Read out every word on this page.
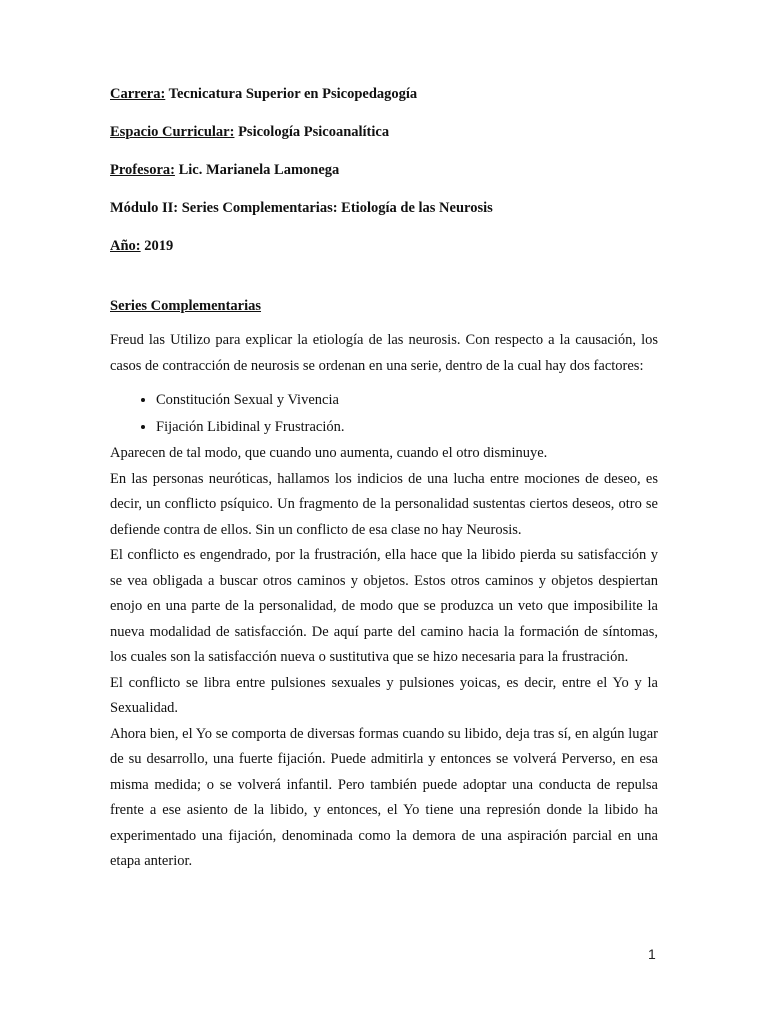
Carrera: Tecnicatura Superior en Psicopedagogía
Espacio Curricular: Psicología Psicoanalítica
Profesora: Lic. Marianela Lamonega
Módulo II: Series Complementarias: Etiología de las Neurosis
Año: 2019
Series Complementarias

Freud las Utilizo para explicar la etiología de las neurosis. Con respecto a la causación, los casos de contracción de neurosis se ordenan en una serie, dentro de la cual hay dos factores:

• Constitución Sexual y Vivencia
• Fijación Libidinal y Frustración.

Aparecen de tal modo, que cuando uno aumenta, cuando el otro disminuye.

En las personas neuróticas, hallamos los indicios de una lucha entre mociones de deseo, es decir, un conflicto psíquico. Un fragmento de la personalidad sustentas ciertos deseos, otro se defiende contra de ellos. Sin un conflicto de esa clase no hay Neurosis.

El conflicto es engendrado, por la frustración, ella hace que la libido pierda su satisfacción y se vea obligada a buscar otros caminos y objetos. Estos otros caminos y objetos despiertan enojo en una parte de la personalidad, de modo que se produzca un veto que imposibilite la nueva modalidad de satisfacción. De aquí parte del camino hacia la formación de síntomas, los cuales son la satisfacción nueva o sustitutiva que se hizo necesaria para la frustración.

El conflicto se libra entre pulsiones sexuales y pulsiones yoicas, es decir, entre el Yo y la Sexualidad.

Ahora bien, el Yo se comporta de diversas formas cuando su libido, deja tras sí, en algún lugar de su desarrollo, una fuerte fijación. Puede admitirla y entonces se volverá Perverso, en esa misma medida; o se volverá infantil. Pero también puede adoptar una conducta de repulsa frente a ese asiento de la libido, y entonces, el Yo tiene una represión donde la libido ha experimentado una fijación, denominada como la demora de una aspiración parcial en una etapa anterior.

1
